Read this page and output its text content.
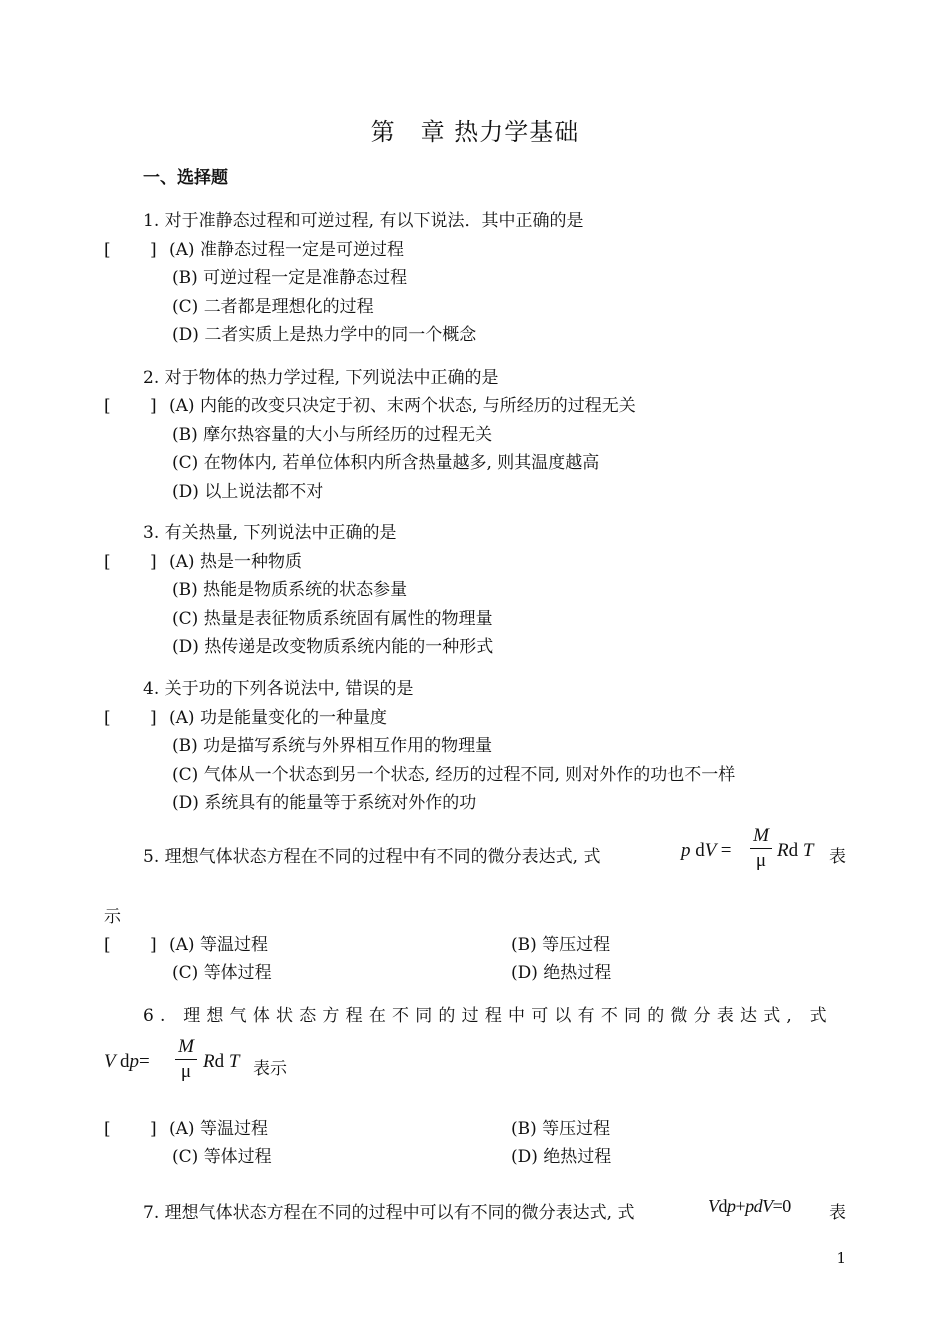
第　章 热力学基础
一、选择题
1. 对于准静态过程和可逆过程, 有以下说法．其中正确的是
[　　 ] (A) 准静态过程一定是可逆过程
(B) 可逆过程一定是准静态过程
(C) 二者都是理想化的过程
(D) 二者实质上是热力学中的同一个概念
2. 对于物体的热力学过程, 下列说法中正确的是
[　　 ] (A) 内能的改变只决定于初、末两个状态, 与所经历的过程无关
(B) 摩尔热容量的大小与所经历的过程无关
(C) 在物体内, 若单位体积内所含热量越多, 则其温度越高
(D) 以上说法都不对
3. 有关热量, 下列说法中正确的是
[　　 ] (A) 热是一种物质
(B) 热能是物质系统的状态参量
(C) 热量是表征物质系统固有属性的物理量
(D) 热传递是改变物质系统内能的一种形式
4. 关于功的下列各说法中, 错误的是
[　　 ] (A) 功是能量变化的一种量度
(B) 功是描写系统与外界相互作用的物理量
(C) 气体从一个状态到另一个状态, 经历的过程不同, 则对外作的功也不一样
(D) 系统具有的能量等于系统对外作的功
5. 理想气体状态方程在不同的过程中有不同的微分表达式, 式	p dV =
M
μ Rd T 表
示
[　　 ] (A) 等温过程	(B) 等压过程
(C) 等体过程	(D) 绝热过程
6. 理想气体状态方程在不同的过程中可以有不同的微分表达式, 式
V dp=
M
μ Rd T 表示
[　　 ] (A) 等温过程	(B) 等压过程
(C) 等体过程	(D) 绝热过程
7. 理想气体状态方程在不同的过程中可以有不同的微分表达式, 式	Vdp+pdV=0 表
1
